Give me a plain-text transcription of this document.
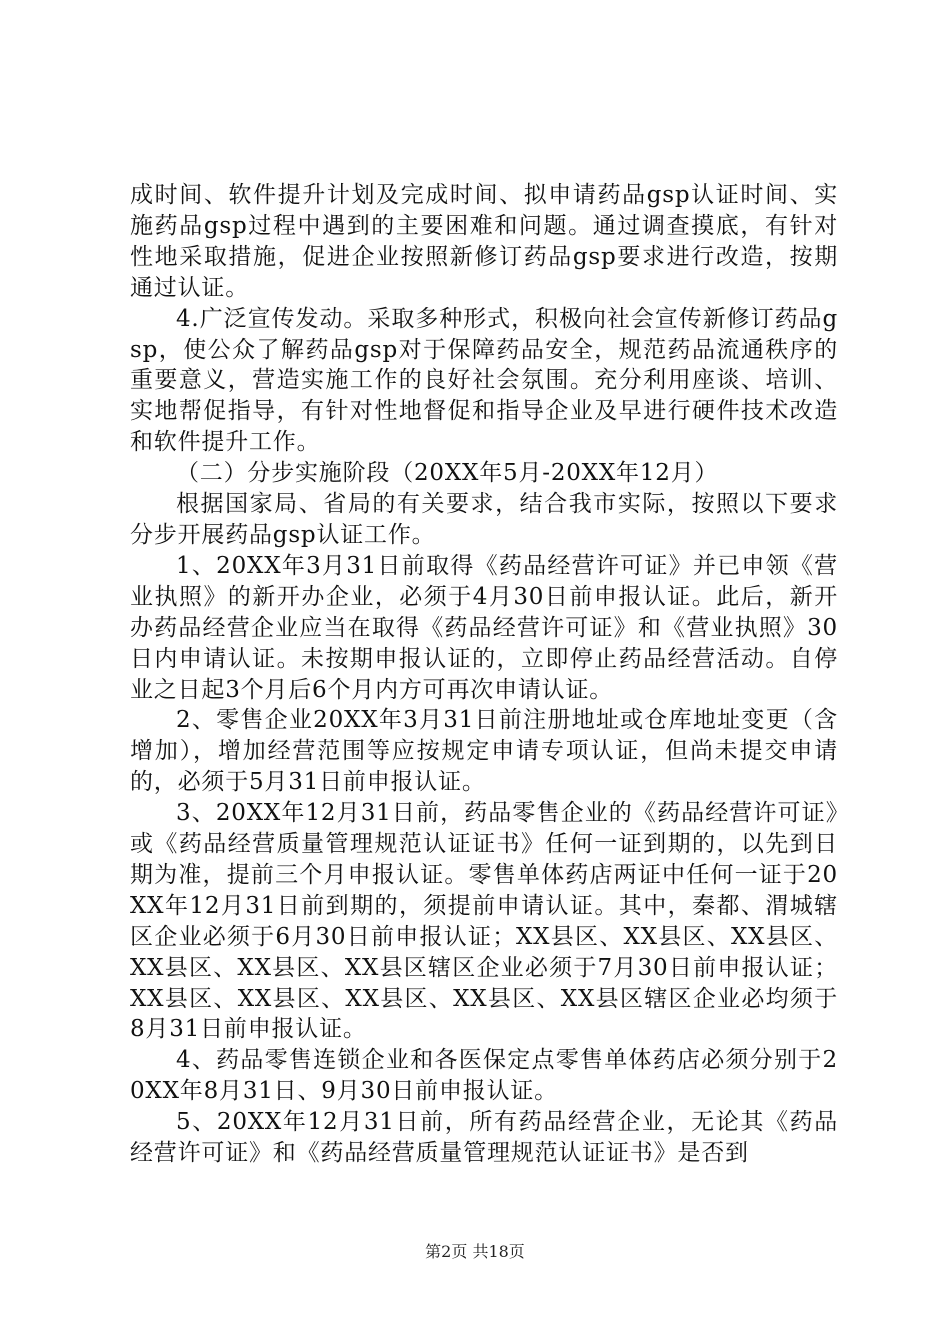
成时间、软件提升计划及完成时间、拟申请药品gsp认证时间、实施药品gsp过程中遇到的主要困难和问题。通过调查摸底，有针对性地采取措施，促进企业按照新修订药品gsp要求进行改造，按期通过认证。

4.广泛宣传发动。采取多种形式，积极向社会宣传新修订药品gsp，使公众了解药品gsp对于保障药品安全，规范药品流通秩序的重要意义，营造实施工作的良好社会氛围。充分利用座谈、培训、实地帮促指导，有针对性地督促和指导企业及早进行硬件技术改造和软件提升工作。

（二）分步实施阶段（20XX年5月-20XX年12月）

根据国家局、省局的有关要求，结合我市实际，按照以下要求分步开展药品gsp认证工作。

1、20XX年3月31日前取得《药品经营许可证》并已申领《营业执照》的新开办企业，必须于4月30日前申报认证。此后，新开办药品经营企业应当在取得《药品经营许可证》和《营业执照》30日内申请认证。未按期申报认证的，立即停止药品经营活动。自停业之日起3个月后6个月内方可再次申请认证。

2、零售企业20XX年3月31日前注册地址或仓库地址变更（含增加），增加经营范围等应按规定申请专项认证，但尚未提交申请的，必须于5月31日前申报认证。

3、20XX年12月31日前，药品零售企业的《药品经营许可证》或《药品经营质量管理规范认证证书》任何一证到期的，以先到日期为准，提前三个月申报认证。零售单体药店两证中任何一证于20XX年12月31日前到期的，须提前申请认证。其中，秦都、渭城辖区企业必须于6月30日前申报认证；XX县区、XX县区、XX县区、XX县区、XX县区、XX县区辖区企业必须于7月30日前申报认证；XX县区、XX县区、XX县区、XX县区、XX县区辖区企业必均须于8月31日前申报认证。

4、药品零售连锁企业和各医保定点零售单体药店必须分别于20XX年8月31日、9月30日前申报认证。

5、20XX年12月31日前，所有药品经营企业，无论其《药品经营许可证》和《药品经营质量管理规范认证证书》是否到

第2页 共18页
